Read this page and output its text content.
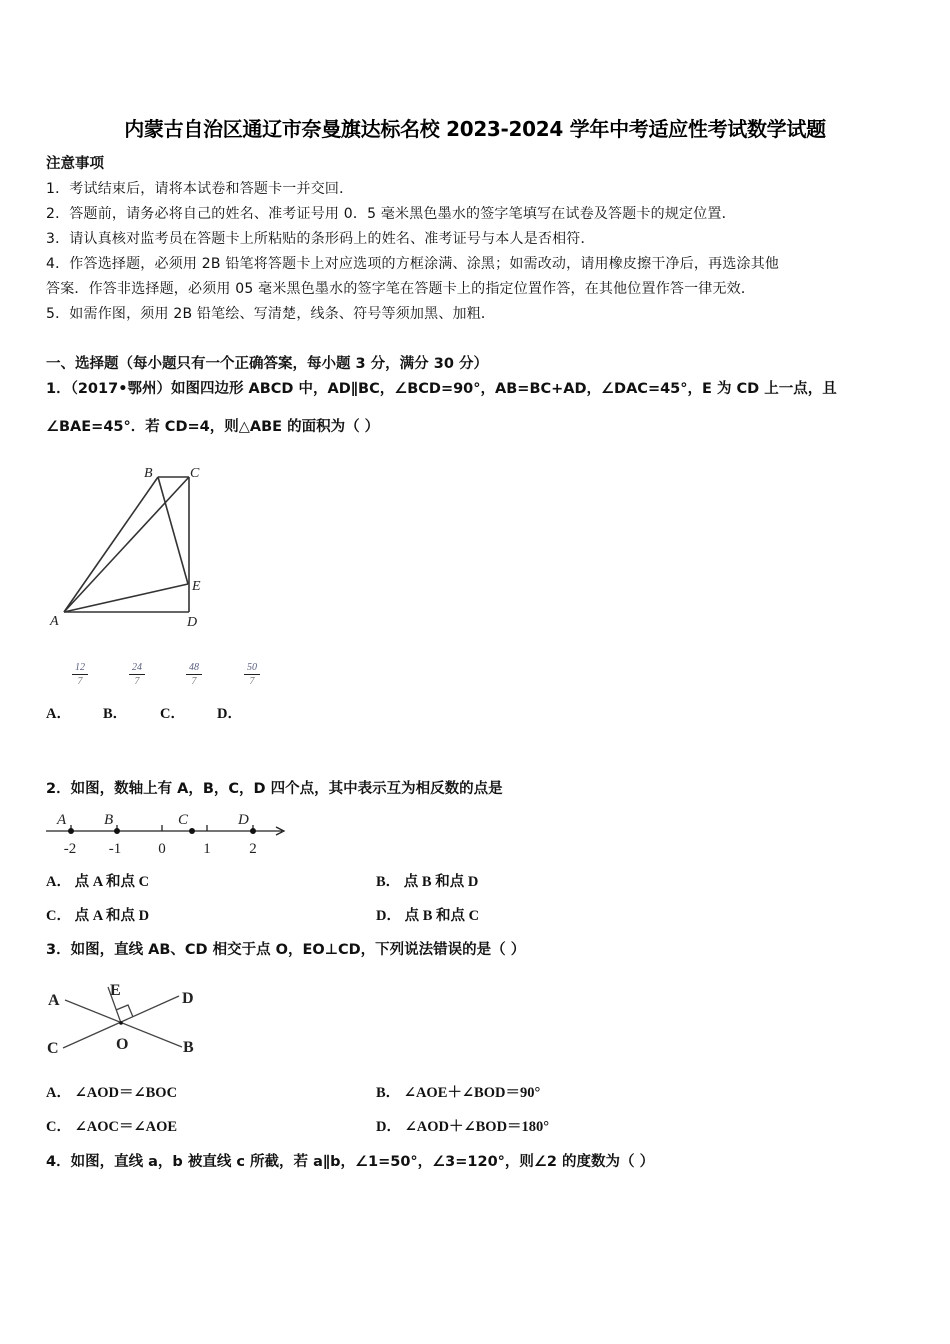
内蒙古自治区通辽市奈曼旗达标名校 2023-2024 学年中考适应性考试数学试题
注意事项
1．考试结束后，请将本试卷和答题卡一并交回．
2．答题前，请务必将自己的姓名、准考证号用 0．5 毫米黑色墨水的签字笔填写在试卷及答题卡的规定位置．
3．请认真核对监考员在答题卡上所粘贴的条形码上的姓名、准考证号与本人是否相符．
4．作答选择题，必须用 2B 铅笔将答题卡上对应选项的方框涂满、涂黑；如需改动，请用橡皮擦干净后，再选涂其他
答案．作答非选择题，必须用 05 毫米黑色墨水的签字笔在答题卡上的指定位置作答，在其他位置作答一律无效．
5．如需作图，须用 2B 铅笔绘、写清楚，线条、符号等须加黑、加粗．
一、选择题（每小题只有一个正确答案，每小题 3 分，满分 30 分）
1．（2017•鄂州）如图四边形 ABCD 中，AD∥BC，∠BCD=90°，AB=BC+AD，∠DAC=45°，E 为 CD 上一点，且
∠BAE=45°．若 CD=4，则△ABE 的面积为（ ）
B	C
E
A	D
$\frac{12}{7}$	$\frac{24}{7}$	$\frac{48}{7}$	$\frac{50}{7}$
A． B． C． D．
2．如图，数轴上有 A，B，C，D 四个点，其中表示互为相反数的点是
A	B	C	D
-2 -1 0	1	2
A． 点 A 和点 C	B． 点 B 和点 D
C． 点 A 和点 D	D． 点 B 和点 C
3．如图，直线 AB、CD 相交于点 O，EO⊥CD，下列说法错误的是（ ）
A	D
E
C	O	B
A． ∠AOD＝∠BOC	B． ∠AOE＋∠BOD＝90°
C． ∠AOC＝∠AOE	D． ∠AOD＋∠BOD＝180°
4．如图，直线 a，b 被直线 c 所截，若 a∥b，∠1=50°，∠3=120°，则∠2 的度数为（ ）
